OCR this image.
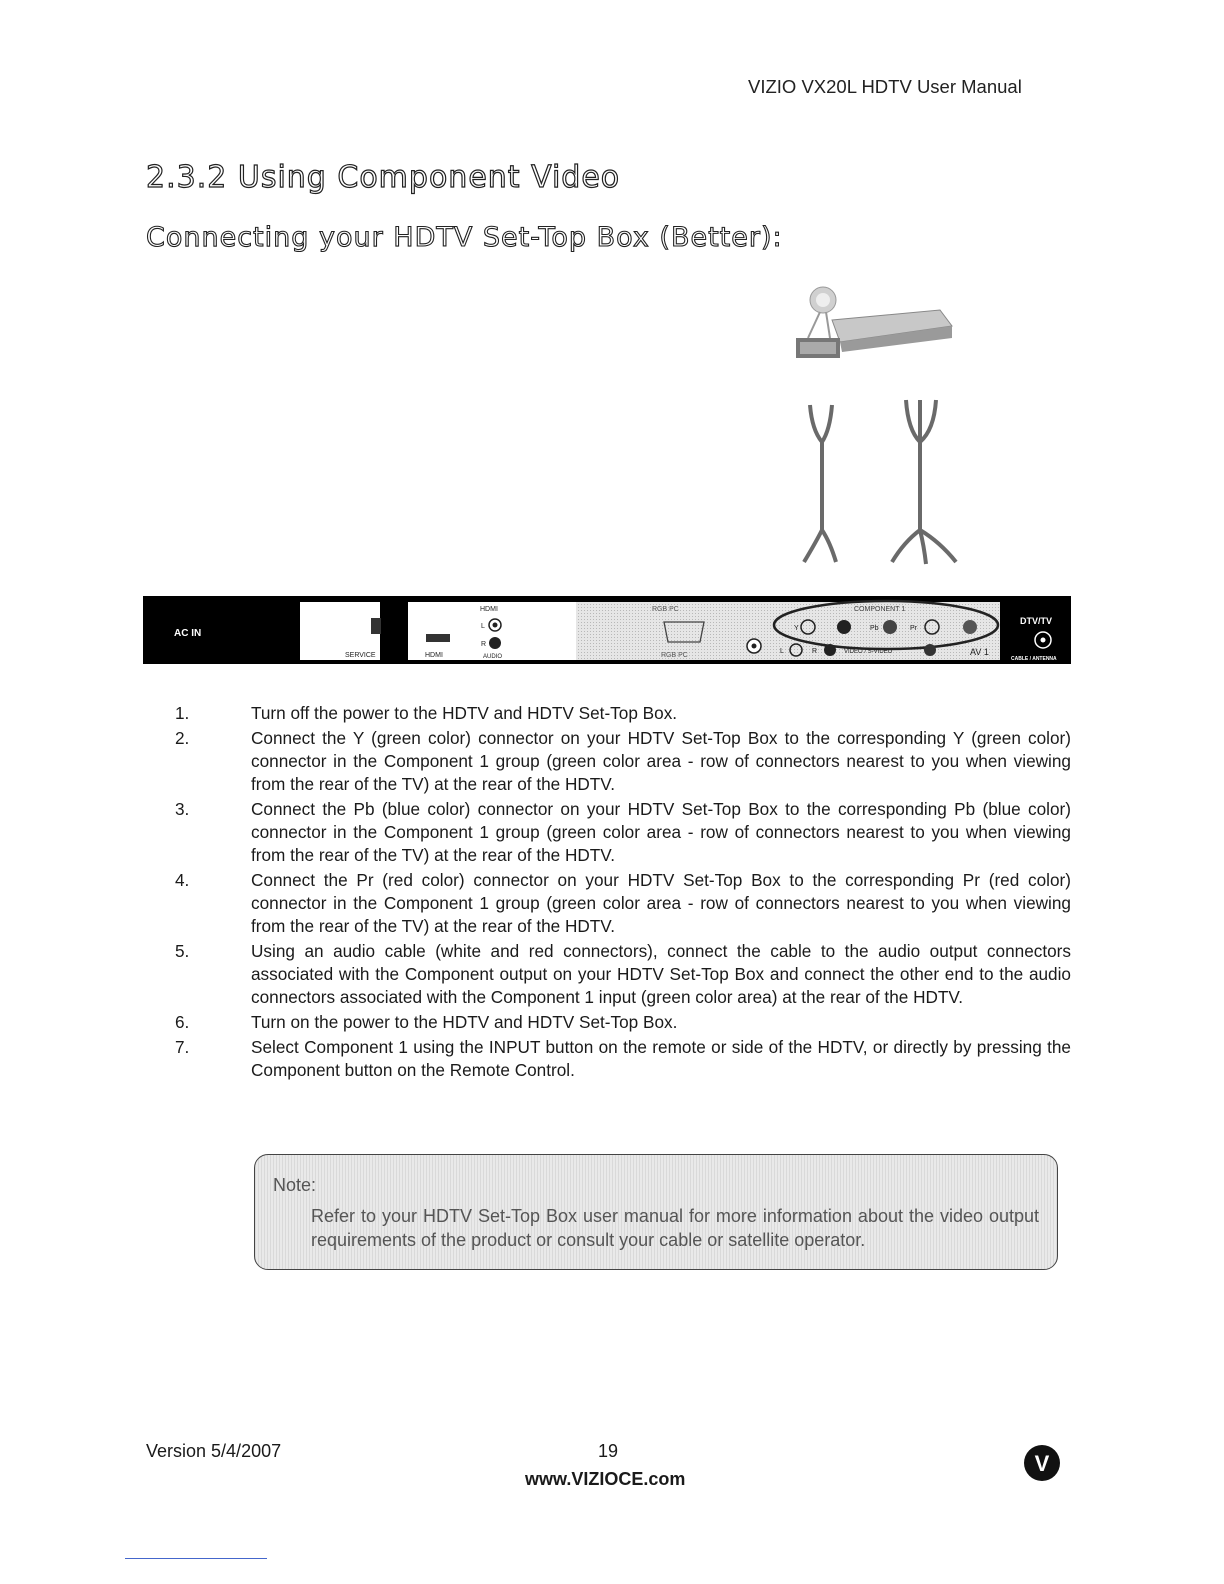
VIZIO VX20L HDTV User Manual
2.3.2 Using Component Video
Connecting your HDTV Set-Top Box (Better):
AC IN
SERVICE
HDMI
HDMI
L
R
AUDIO
RGB PC
RGB PC
COMPONENT 1
Y	Pb	Pr
L	R	VIDEO / S-VIDEO	AV 1
DTV/TV
CABLE / ANTENNA
1.	Turn off the power to the HDTV and HDTV Set-Top Box.
2.	Connect the Y (green color) connector on your HDTV Set-Top Box to the corresponding Y (green color) connector in the Component 1 group (green color area - row of connectors nearest to you when viewing from the rear of the TV) at the rear of the HDTV.
3.	Connect the Pb (blue color) connector on your HDTV Set-Top Box to the corresponding Pb (blue color) connector in the Component 1 group (green color area - row of connectors nearest to you when viewing from the rear of the TV) at the rear of the HDTV.
4.	Connect the Pr (red color) connector on your HDTV Set-Top Box to the corresponding Pr (red color) connector in the Component 1 group (green color area - row of connectors nearest to you when viewing from the rear of the TV) at the rear of the HDTV.
5.	Using an audio cable (white and red connectors), connect the cable to the audio output connectors associated with the Component output on your HDTV Set-Top Box and connect the other end to the audio connectors associated with the Component 1 input (green color area) at the rear of the HDTV.
6.	Turn on the power to the HDTV and HDTV Set-Top Box.
7.	Select Component 1 using the INPUT button on the remote or side of the HDTV, or directly by pressing the Component button on the Remote Control.
Note:
Refer to your HDTV Set-Top Box user manual for more information about the video output requirements of the product or consult your cable or satellite operator.
Version 5/4/2007	19
www.VIZIOCE.com
V
